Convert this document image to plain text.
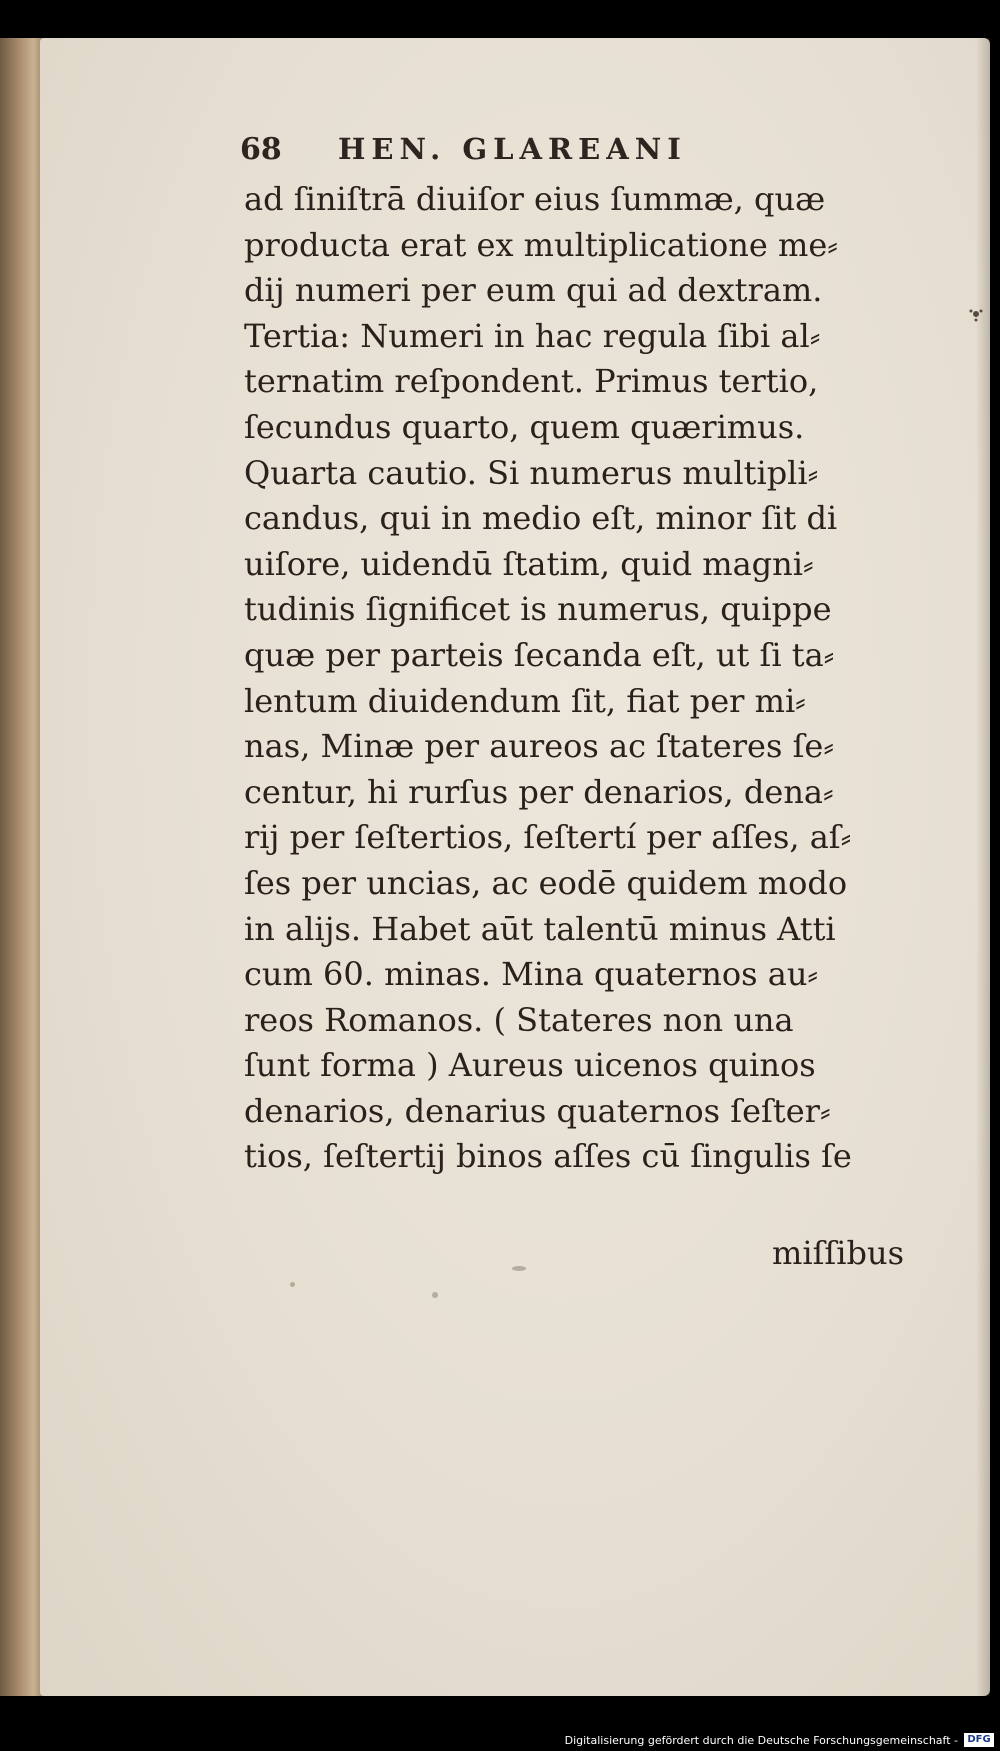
68 HEN. GLAREANI
ad ſiniſtrā diuiſor eius ſummæ, quæ
producta erat ex multiplicatione me⸗
dij numeri per eum qui ad dextram.
Tertia: Numeri in hac regula ſibi al⸗
ternatim reſpondent. Primus tertio,
ſecundus quarto, quem quærimus.
Quarta cautio. Si numerus multipli⸗
candus, qui in medio eſt, minor ſit di
uiſore, uidendū ſtatim, quid magni⸗
tudinis ſignificet is numerus, quippe
quæ per parteis ſecanda eſt, ut ſi ta⸗
lentum diuidendum ſit, fiat per mi⸗
nas, Minæ per aureos ac ſtateres ſe⸗
centur, hi rurſus per denarios, dena⸗
rij per ſeſtertios, ſeſtertí per aſſes, aſ⸗
ſes per uncias, ac eodē quidem modo
in alijs. Habet aūt talentū minus Atti
cum 60. minas. Mina quaternos au⸗
reos Romanos. ( Stateres non una
ſunt forma ) Aureus uicenos quinos
denarios, denarius quaternos ſeſter⸗
tios, ſeſtertij binos aſſes cū ſingulis ſe
miſſibus
Digitalisierung gefördert durch die Deutsche Forschungsgemeinschaft - DFG
